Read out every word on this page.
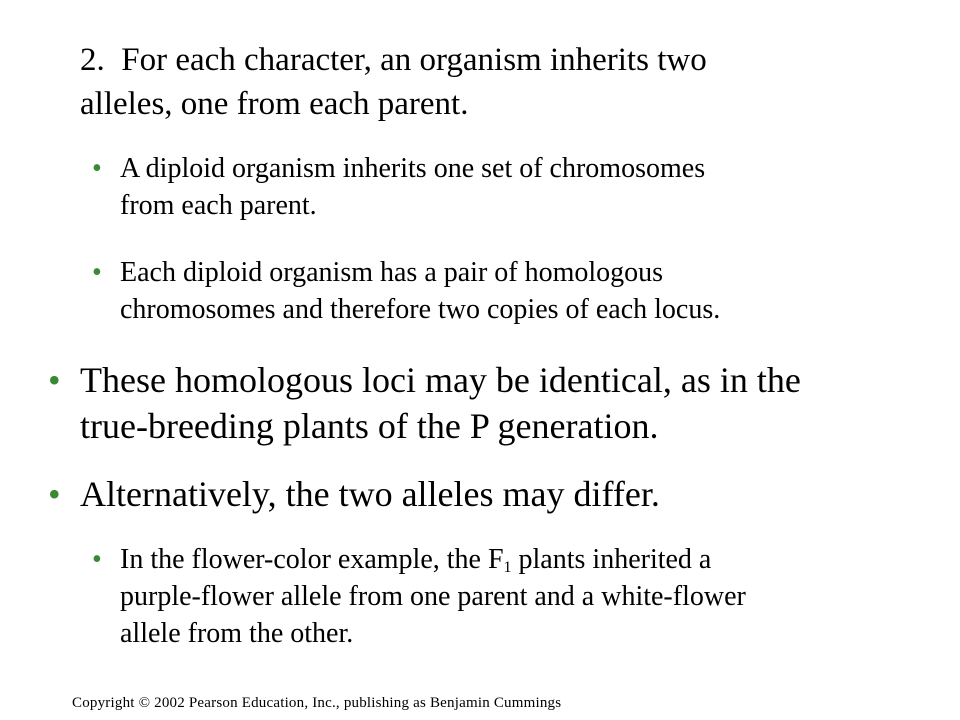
2.  For each character, an organism inherits two
alleles, one from each parent.
• A diploid organism inherits one set of chromosomes
from each parent.
• Each diploid organism has a pair of homologous
chromosomes and therefore two copies of each locus.
• These homologous loci may be identical, as in the
true-breeding plants of the P generation.
• Alternatively, the two alleles may differ.
• In the flower-color example, the $F_1$ plants inherited a
purple-flower allele from one parent and a white-flower
allele from the other.
Copyright © 2002 Pearson Education, Inc., publishing as Benjamin Cummings
